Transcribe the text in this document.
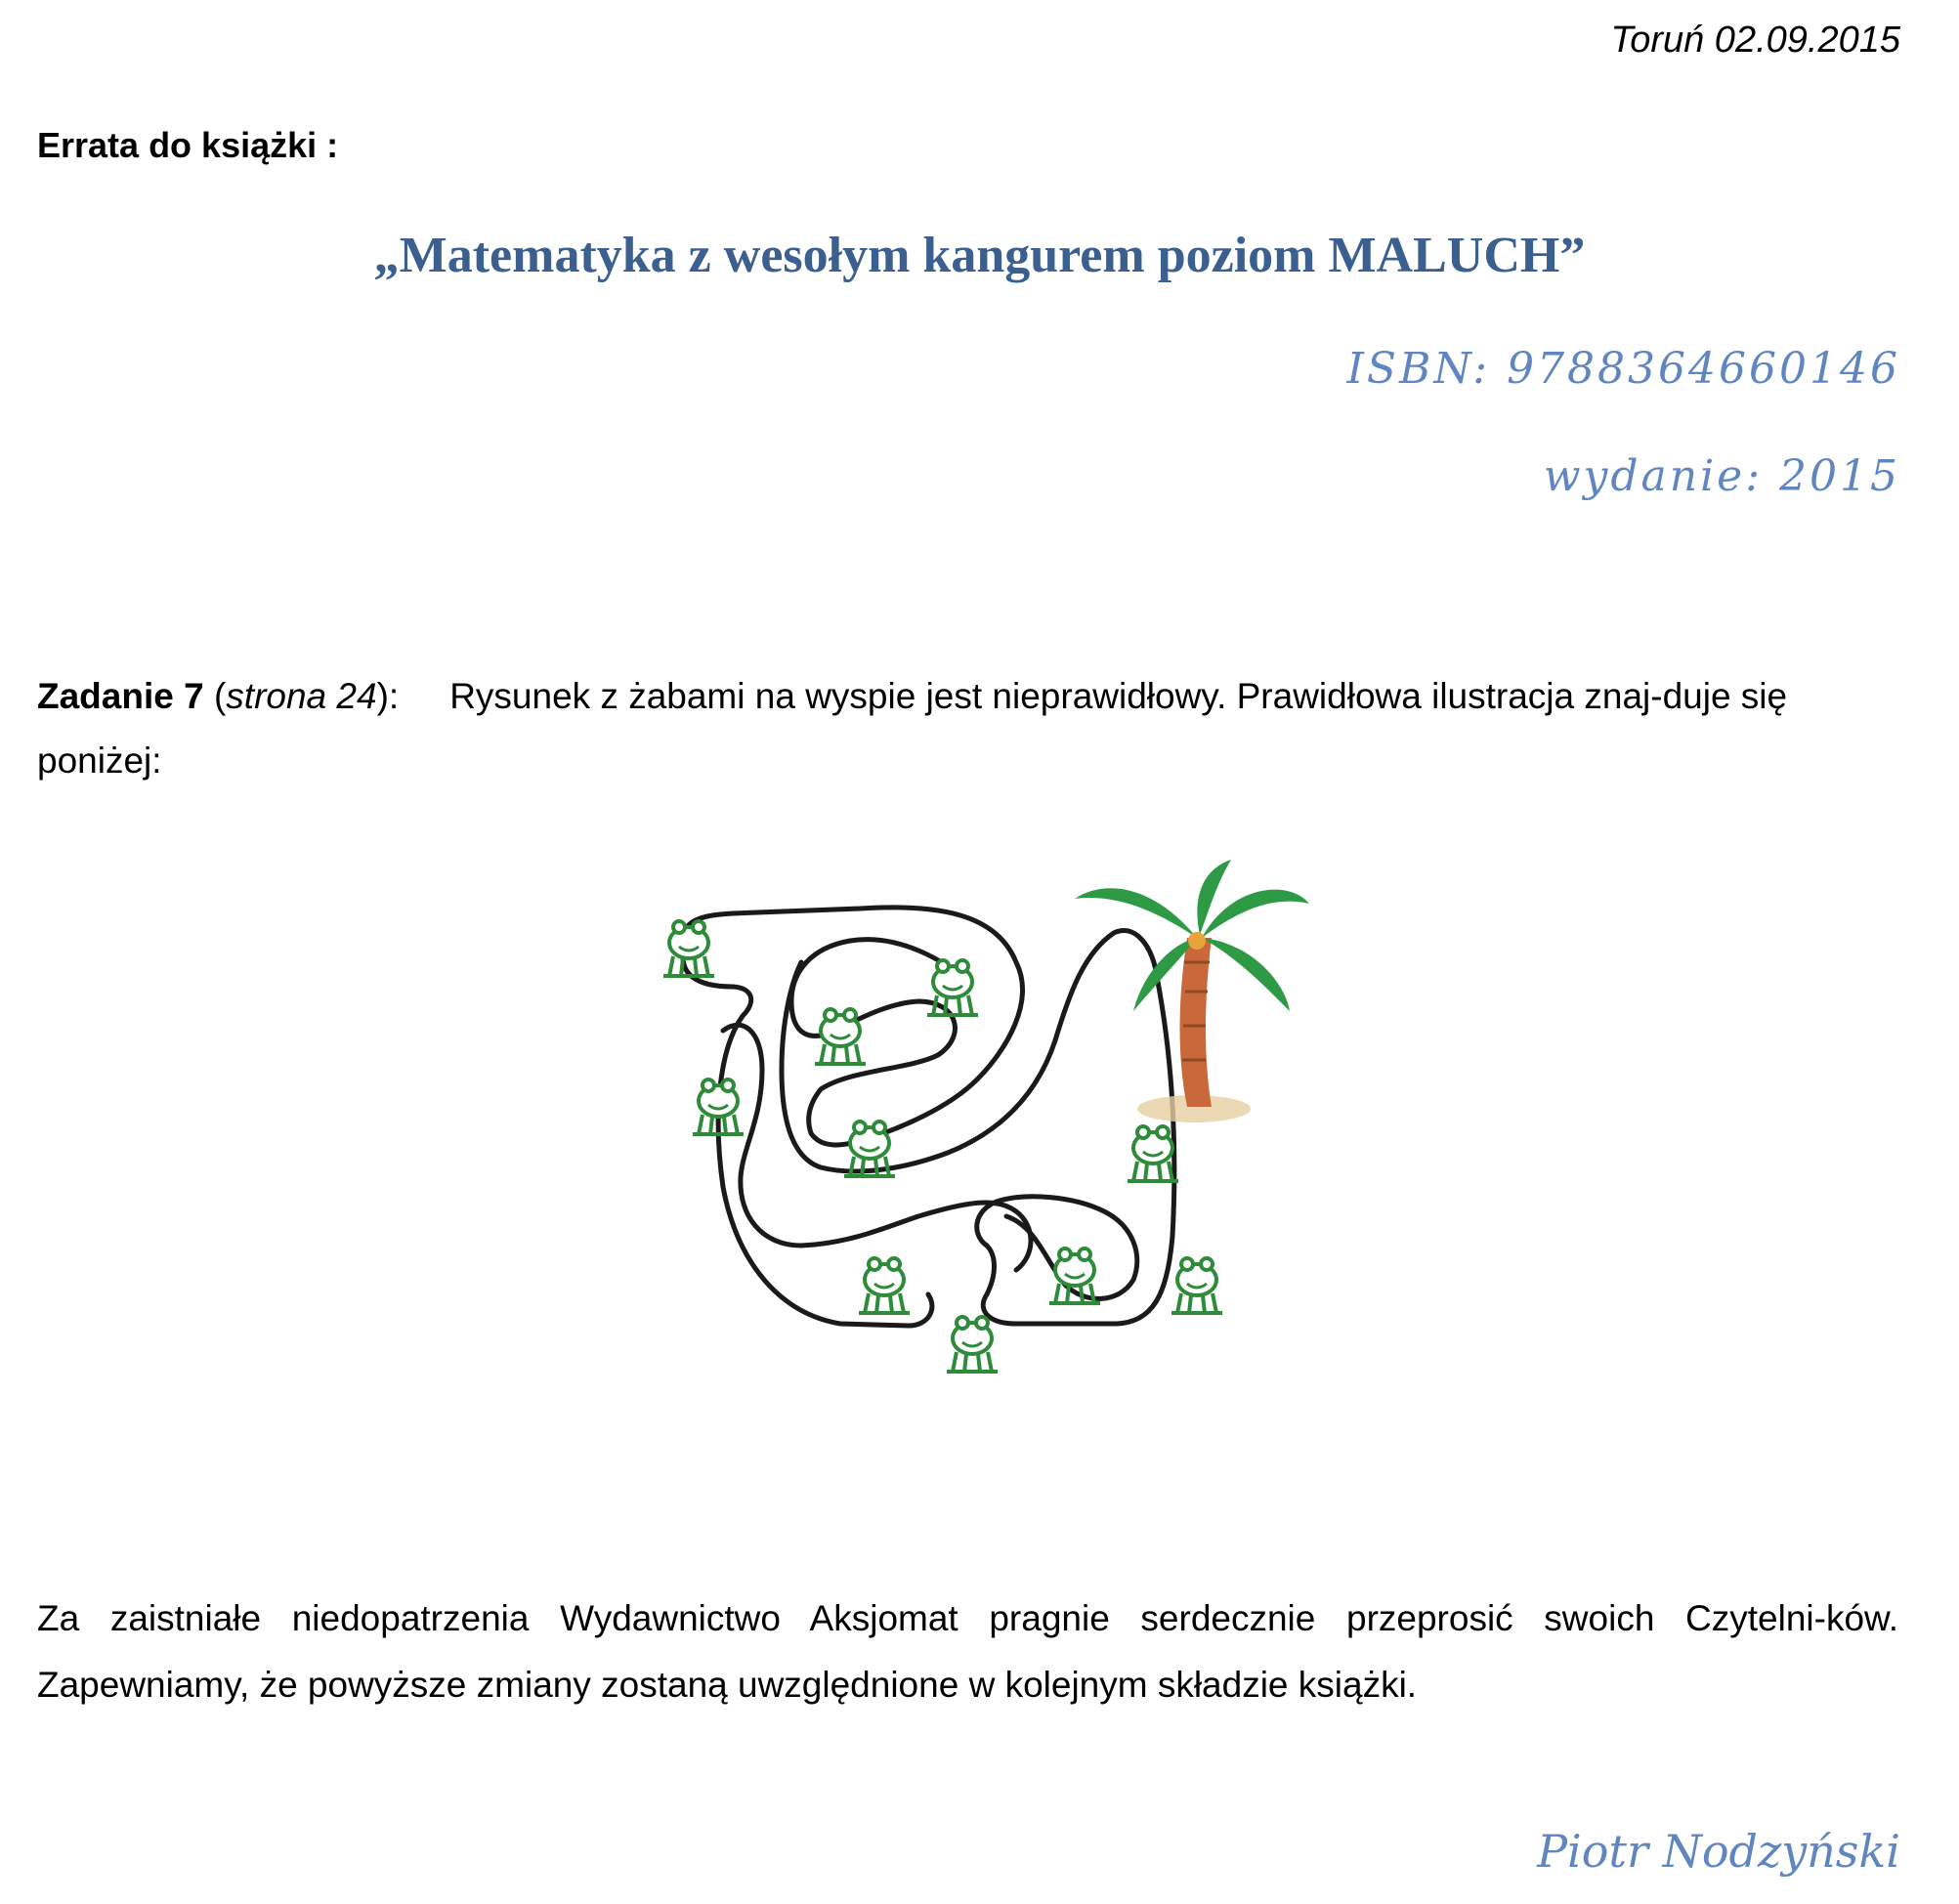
Toruń 02.09.2015
Errata do książki :
„Matematyka z wesołym kangurem poziom MALUCH”
ISBN: 9788364660146
wydanie: 2015
Zadanie 7 (strona 24): Rysunek z żabami na wyspie jest nieprawidłowy. Prawidłowa ilustracja znaj-duje się poniżej:
Za zaistniałe niedopatrzenia Wydawnictwo Aksjomat pragnie serdecznie przeprosić swoich Czytelni-ków. Zapewniamy, że powyższe zmiany zostaną uwzględnione w kolejnym składzie książki.
Piotr Nodzyński
